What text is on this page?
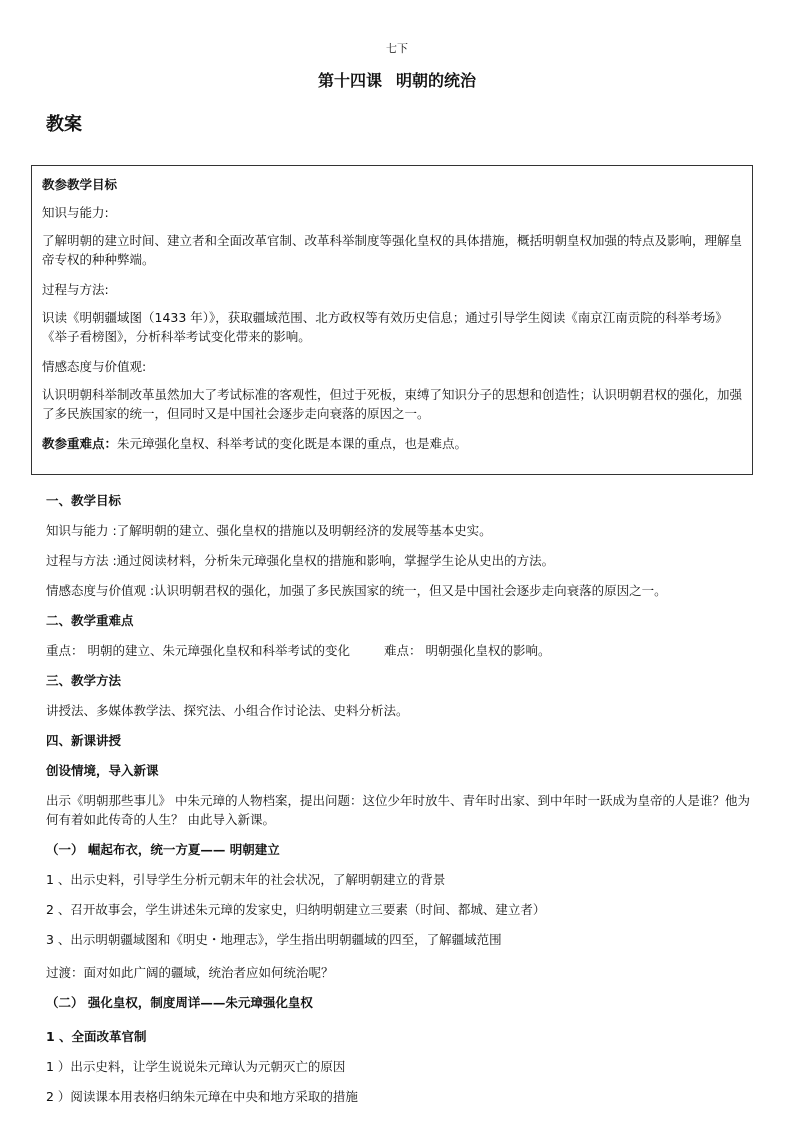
七下
第十四课 明朝的统治
教案

教参教学目标

知识与能力:

了解明朝的建立时间、建立者和全面改革官制、改革科举制度等强化皇权的具体措施，概括明朝皇权加强的特点及影响，理解皇帝专权的种种弊端。

过程与方法:

识读《明朝疆域图（1433 年）》，获取疆域范围、北方政权等有效历史信息；通过引导学生阅读《南京江南贡院的科举考场》《举子看榜图》，分析科举考试变化带来的影响。

情感态度与价值观:

认识明朝科举制改革虽然加大了考试标准的客观性，但过于死板，束缚了知识分子的思想和创造性；认识明朝君权的强化，加强了多民族国家的统一，但同时又是中国社会逐步走向衰落的原因之一。

教参重难点：朱元璋强化皇权、科举考试的变化既是本课的重点，也是难点。

一、教学目标

知识与能力 :了解明朝的建立、强化皇权的措施以及明朝经济的发展等基本史实。

过程与方法 :通过阅读材料，分析朱元璋强化皇权的措施和影响，掌握学生论从史出的方法。

情感态度与价值观 :认识明朝君权的强化，加强了多民族国家的统一，但又是中国社会逐步走向衰落的原因之一。

二、教学重难点

重点： 明朝的建立、朱元璋强化皇权和科举考试的变化	难点： 明朝强化皇权的影响。

三、教学方法

讲授法、多媒体教学法、探究法、小组合作讨论法、史料分析法。

四、新课讲授

创设情境，导入新课

出示《明朝那些事儿》 中朱元璋的人物档案，提出问题：这位少年时放牛、青年时出家、到中年时一跃成为皇帝的人是谁？他为何有着如此传奇的人生？ 由此导入新课。

（一） 崛起布衣，统一方夏—— 明朝建立

1 、出示史料，引导学生分析元朝末年的社会状况，了解明朝建立的背景

2 、召开故事会，学生讲述朱元璋的发家史，归纳明朝建立三要素（时间、都城、建立者）

3 、出示明朝疆域图和《明史・地理志》，学生指出明朝疆域的四至，了解疆域范围

过渡：面对如此广阔的疆域，统治者应如何统治呢？

（二） 强化皇权，制度周详——朱元璋强化皇权

1 、全面改革官制

1 ）出示史料，让学生说说朱元璋认为元朝灭亡的原因

2 ）阅读课本用表格归纳朱元璋在中央和地方采取的措施
